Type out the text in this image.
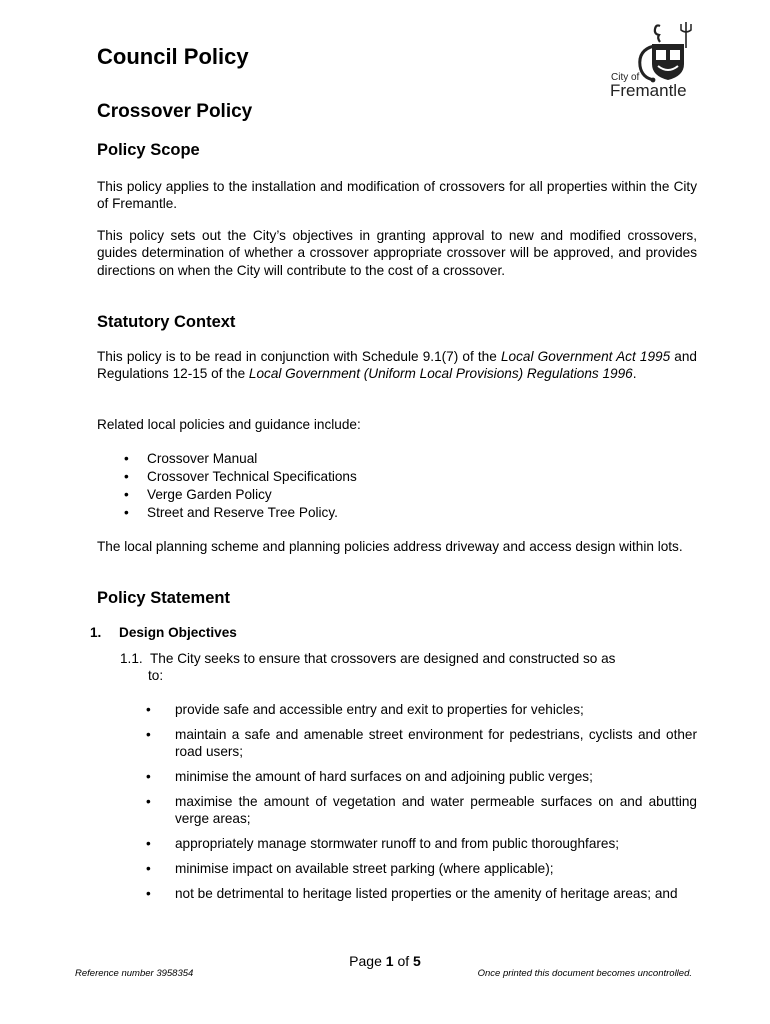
Council Policy
City of
Fremantle
Crossover Policy
Policy Scope
This policy applies to the installation and modification of crossovers for all properties within the City of Fremantle.
This policy sets out the City’s objectives in granting approval to new and modified crossovers, guides determination of whether a crossover appropriate crossover will be approved, and provides directions on when the City will contribute to the cost of a crossover.
Statutory Context
This policy is to be read in conjunction with Schedule 9.1(7) of the Local Government Act 1995 and Regulations 12-15 of the Local Government (Uniform Local Provisions) Regulations 1996.
Related local policies and guidance include:
• Crossover Manual
• Crossover Technical Specifications
• Verge Garden Policy
• Street and Reserve Tree Policy.
The local planning scheme and planning policies address driveway and access design within lots.
Policy Statement
1. Design Objectives
1.1. The City seeks to ensure that crossovers are designed and constructed so as
to:
• provide safe and accessible entry and exit to properties for vehicles;
• maintain a safe and amenable street environment for pedestrians, cyclists and other road users;
• minimise the amount of hard surfaces on and adjoining public verges;
• maximise the amount of vegetation and water permeable surfaces on and abutting verge areas;
• appropriately manage stormwater runoff to and from public thoroughfares;
• minimise impact on available street parking (where applicable);
• not be detrimental to heritage listed properties or the amenity of heritage areas; and
Page 1 of 5
Reference number 3958354	Once printed this document becomes uncontrolled.
